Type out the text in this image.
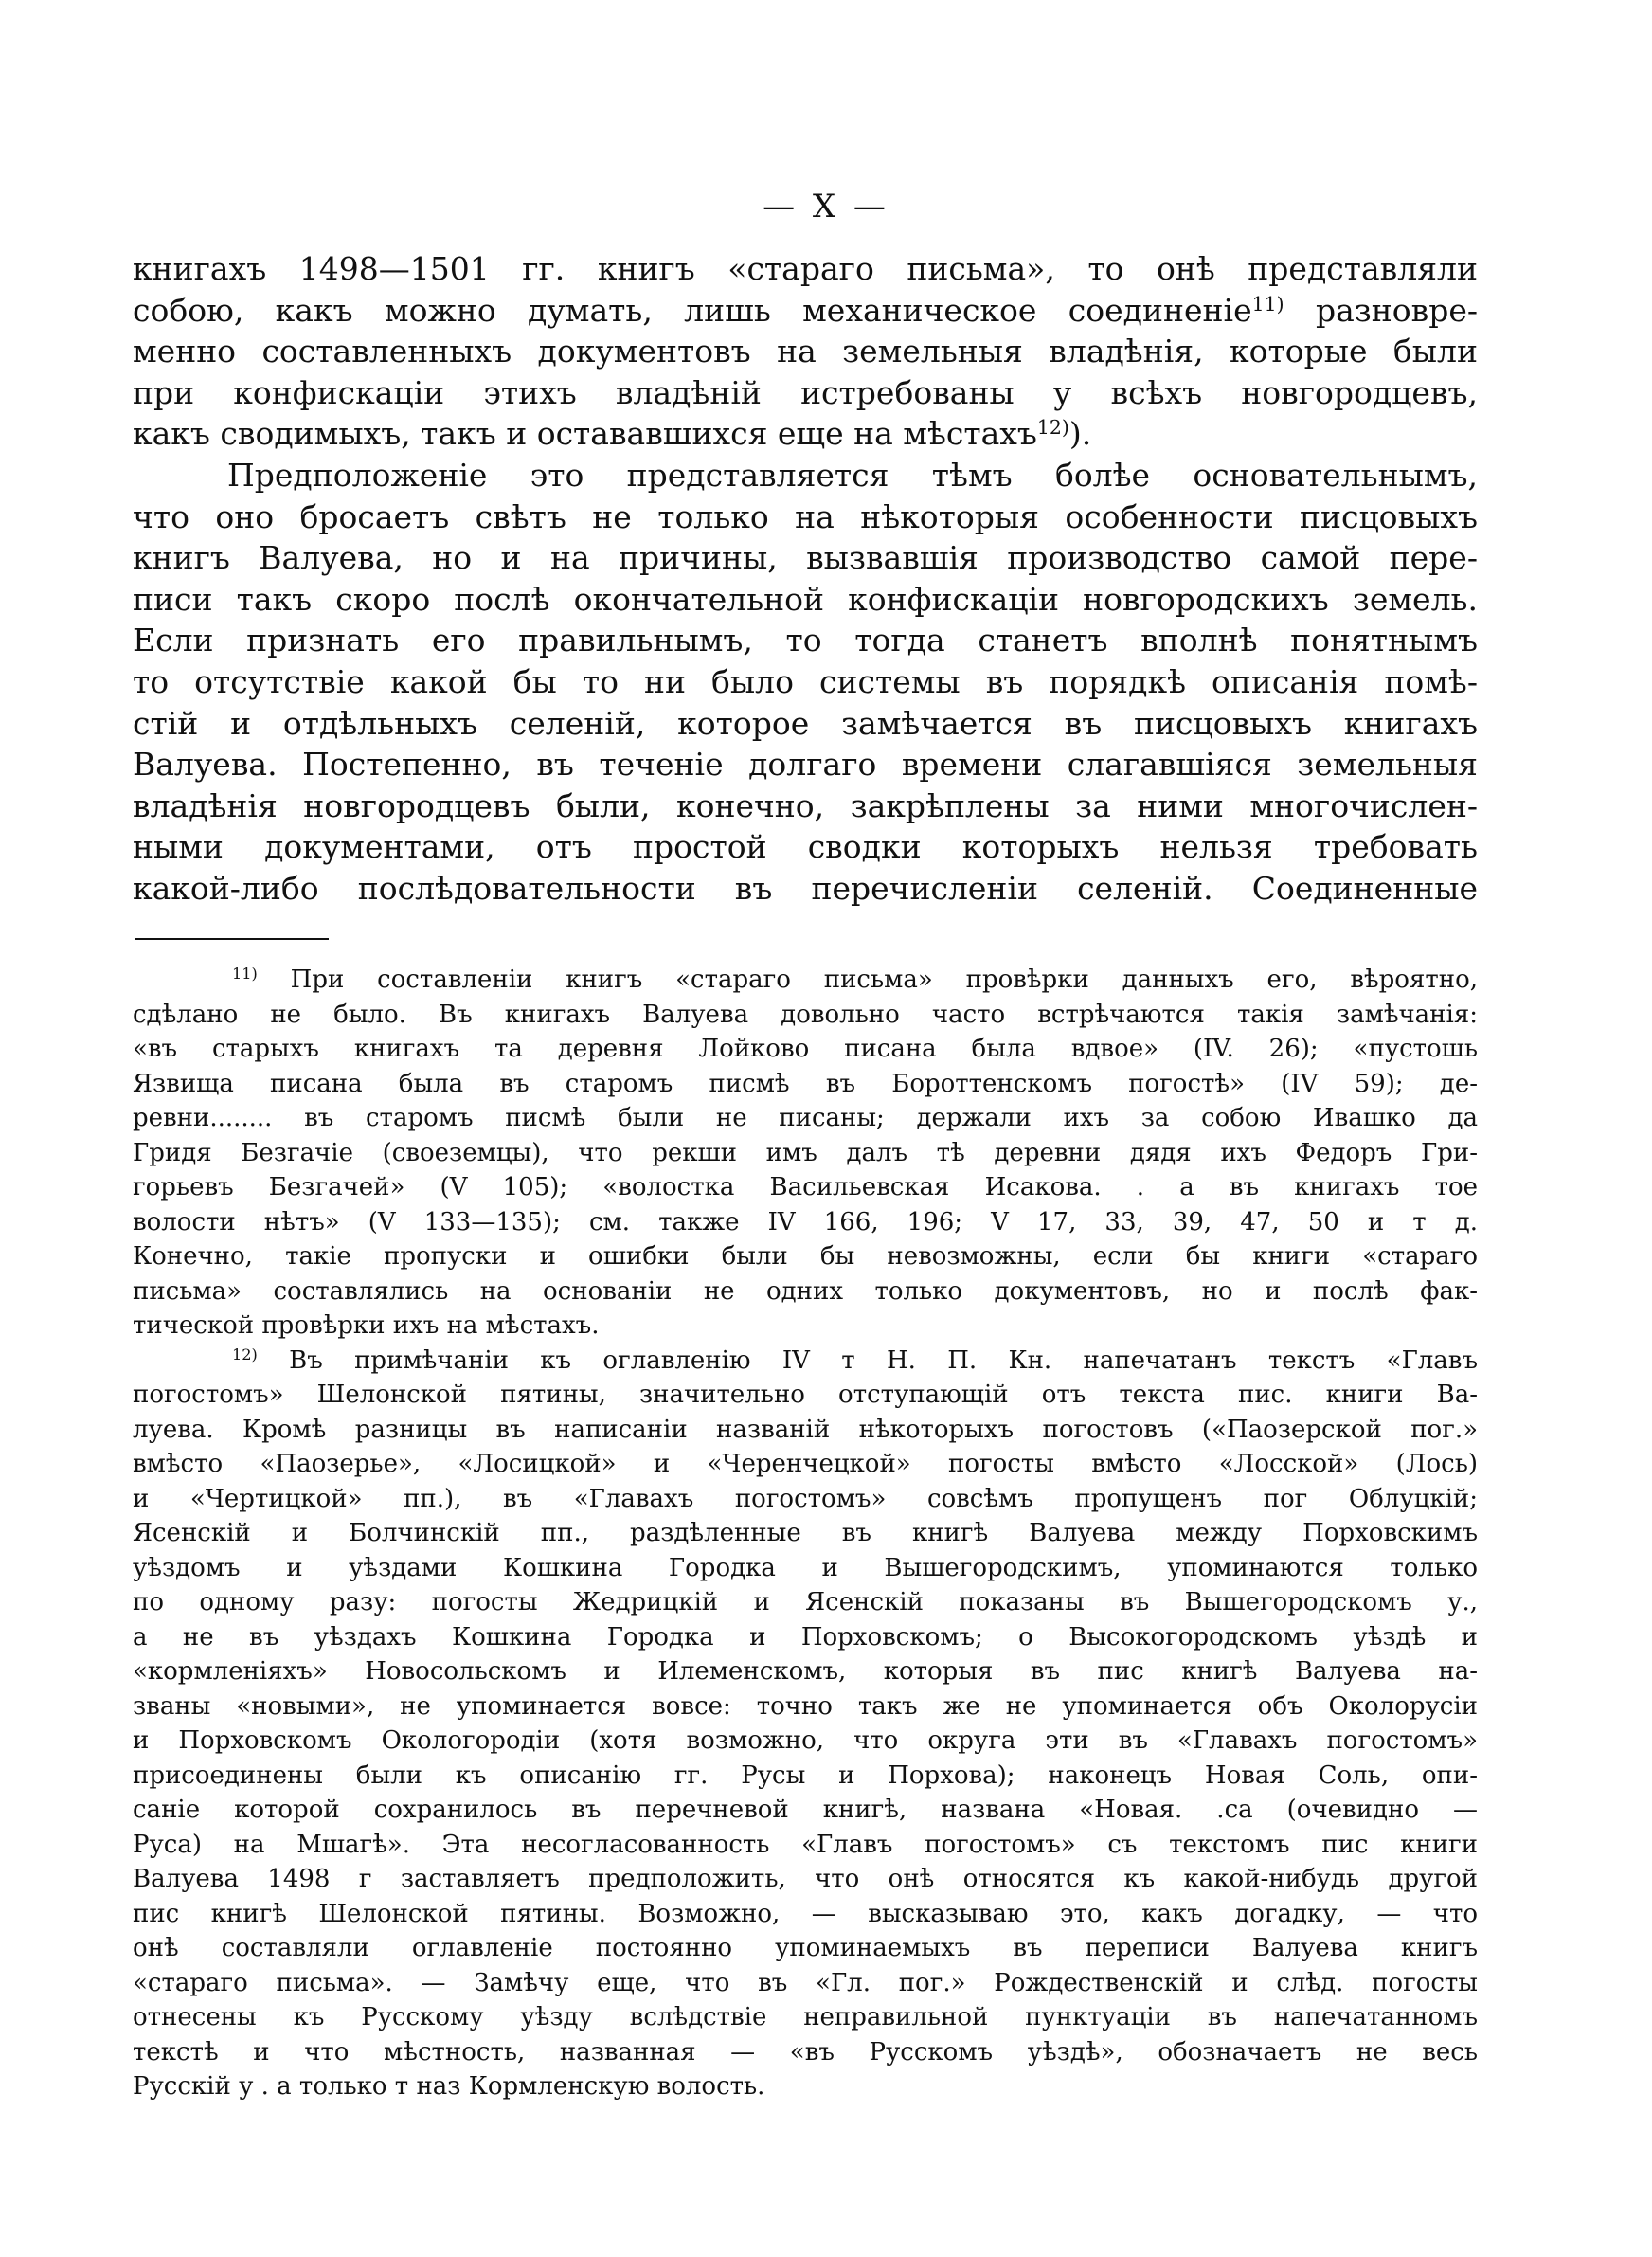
— X —
книгахъ 1498—1501 гг. книгъ «стараго письма», то онѣ представляли
собою, какъ можно думать, лишь механическое соединеніе$^{11)}$ разновре-
менно составленныхъ документовъ на земельныя владѣнія, которые были
при конфискаціи этихъ владѣній истребованы у всѣхъ новгородцевъ,
какъ сводимыхъ, такъ и остававшихся еще на мѣстахъ$^{12)}$).
Предположеніе это представляется тѣмъ болѣе основательнымъ,
что оно бросаетъ свѣтъ не только на нѣкоторыя особенности писцовыхъ
книгъ Валуева, но и на причины, вызвавшія производство самой пере-
писи такъ скоро послѣ окончательной конфискаціи новгородскихъ земель.
Если признать его правильнымъ, то тогда станетъ вполнѣ понятнымъ
то отсутствіе какой бы то ни было системы въ порядкѣ описанія помѣ-
стій и отдѣльныхъ селеній, которое замѣчается въ писцовыхъ книгахъ
Валуева. Постепенно, въ теченіе долгаго времени слагавшіяся земельныя
владѣнія новгородцевъ были, конечно, закрѣплены за ними многочислен-
ными документами, отъ простой сводки которыхъ нельзя требовать
какой-либо послѣдовательности въ перечисленіи селеній. Соединенные
$^{11)}$ При составленіи книгъ «стараго письма» провѣрки данныхъ его, вѣроятно,
сдѣлано не было. Въ книгахъ Валуева довольно часто встрѣчаются такія замѣчанія:
«въ старыхъ книгахъ та деревня Лойково писана была вдвое» (IV. 26); «пустошь
Язвища писана была въ старомъ писмѣ въ Бороттенскомъ погостѣ» (IV 59); де-
ревни........ въ старомъ писмѣ были не писаны; держали ихъ за собою Ивашко да
Гридя Безгачіе (своеземцы), что рекши имъ далъ тѣ деревни дядя ихъ Федоръ Гри-
горьевъ Безгачей» (V 105); «волостка Васильевская Исакова. . а въ книгахъ тое
волости нѣтъ» (V 133—135); см. также IV 166, 196; V 17, 33, 39, 47, 50 и т д.
Конечно, такіе пропуски и ошибки были бы невозможны, если бы книги «стараго
письма» составлялись на основаніи не одних только документовъ, но и послѣ фак-
тической провѣрки ихъ на мѣстахъ.
$^{12)}$ Въ примѣчаніи къ оглавленію IV т Н. П. Кн. напечатанъ текстъ «Главъ
погостомъ» Шелонской пятины, значительно отступающій отъ текста пис. книги Ва-
луева. Кромѣ разницы въ написаніи названій нѣкоторыхъ погостовъ («Паозерской пог.»
вмѣсто «Паозерье», «Лосицкой» и «Черенчецкой» погосты вмѣсто «Лосской» (Лось)
и «Чертицкой» пп.), въ «Главахъ погостомъ» совсѣмъ пропущенъ пог Облуцкій;
Ясенскій и Болчинскій пп., раздѣленные въ книгѣ Валуева между Порховскимъ
уѣздомъ и уѣздами Кошкина Городка и Вышегородскимъ, упоминаются только
по одному разу: погосты Жедрицкій и Ясенскій показаны въ Вышегородскомъ у.,
а не въ уѣздахъ Кошкина Городка и Порховскомъ; о Высокогородскомъ уѣздѣ и
«кормленіяхъ» Новосольскомъ и Илеменскомъ, которыя въ пис книгѣ Валуева на-
званы «новыми», не упоминается вовсе: точно такъ же не упоминается объ Околорусіи
и Порховскомъ Окологородіи (хотя возможно, что округа эти въ «Главахъ погостомъ»
присоединены были къ описанію гг. Русы и Порхова); наконецъ Новая Соль, опи-
саніе которой сохранилось въ перечневой книгѣ, названа «Новая. .са (очевидно —
Руса) на Мшагѣ». Эта несогласованность «Главъ погостомъ» съ текстомъ пис книги
Валуева 1498 г заставляетъ предположить, что онѣ относятся къ какой-нибудь другой
пис книгѣ Шелонской пятины. Возможно, — высказываю это, какъ догадку, — что
онѣ составляли оглавленіе постоянно упоминаемыхъ въ переписи Валуева книгъ
«стараго письма». — Замѣчу еще, что въ «Гл. пог.» Рождественскій и слѣд. погосты
отнесены къ Русскому уѣзду вслѣдствіе неправильной пунктуаціи въ напечатанномъ
текстѣ и что мѣстность, названная — «въ Русскомъ уѣздѣ», обозначаетъ не весь
Русскій у . а только т наз Кормленскую волость.
